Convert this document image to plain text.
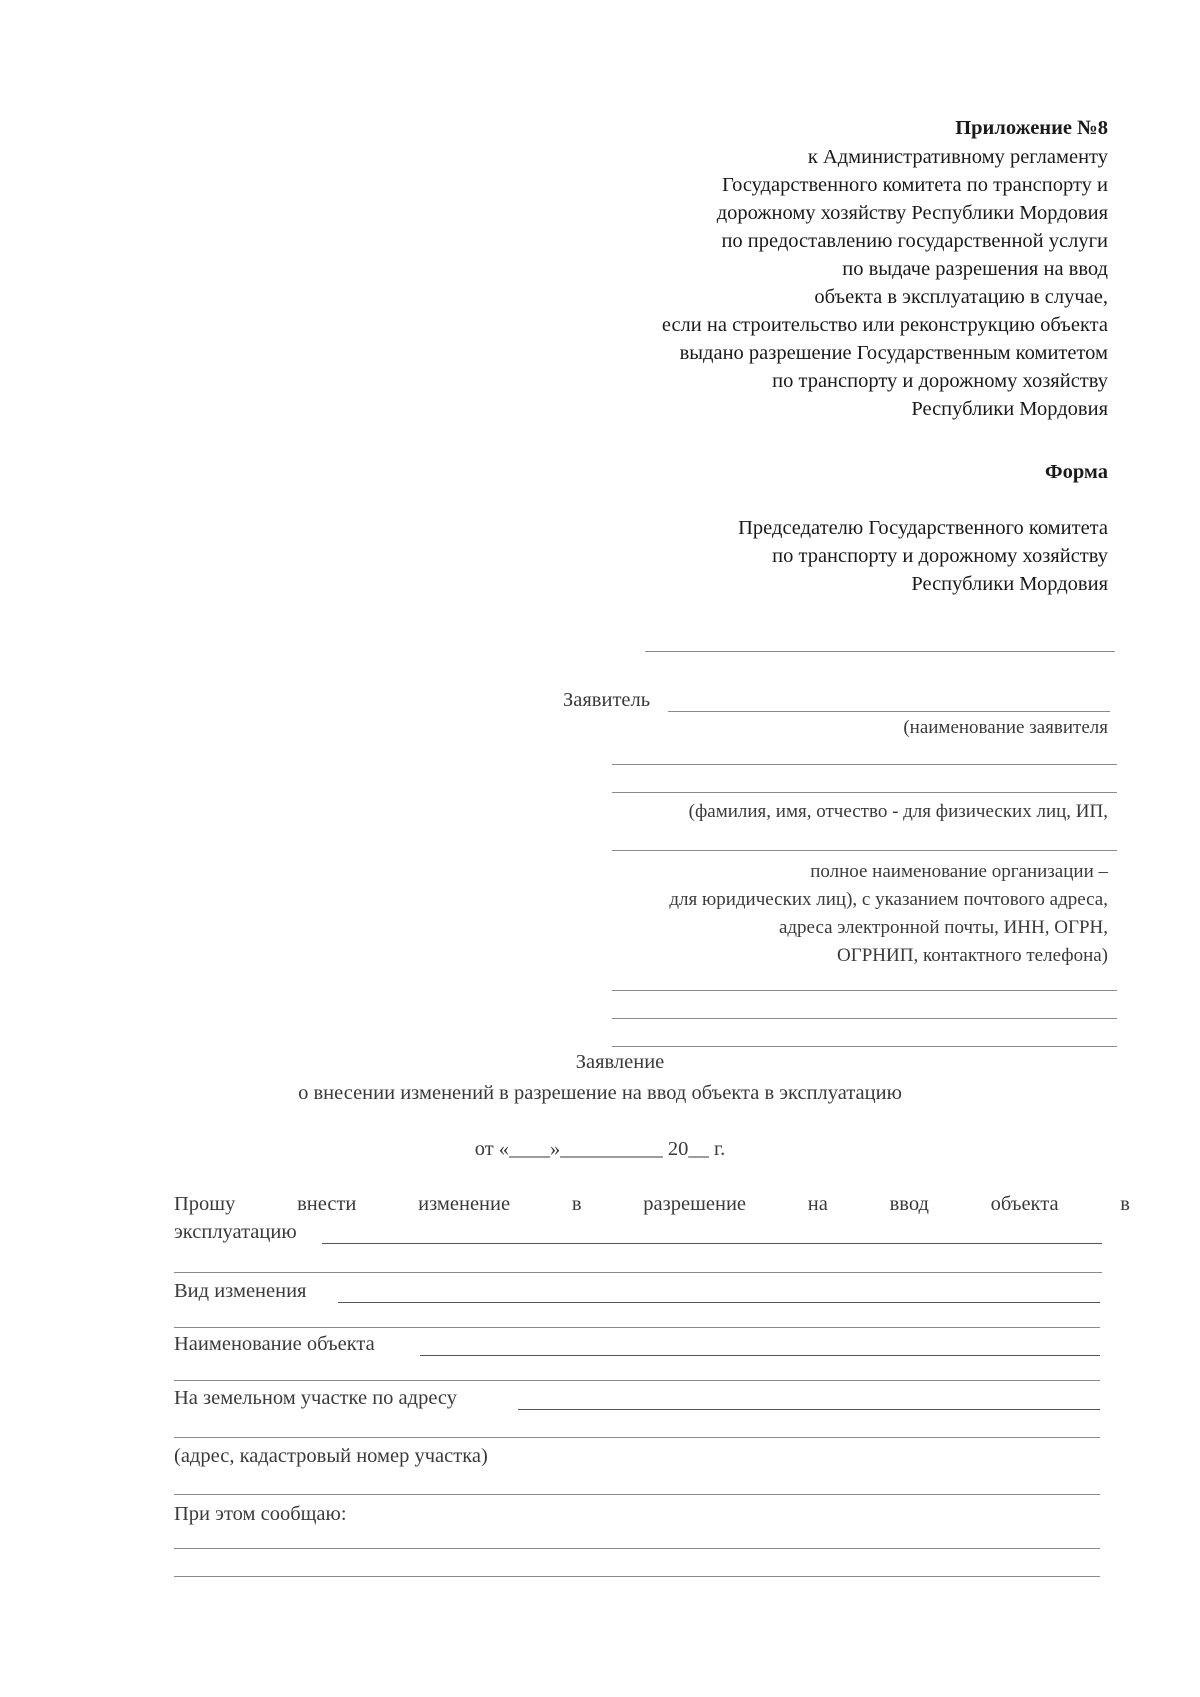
Приложение №8
к Административному регламенту
Государственного комитета по транспорту и
дорожному хозяйству Республики Мордовия
по предоставлению государственной услуги
по выдаче разрешения на ввод
объекта в эксплуатацию в случае,
если на строительство или реконструкцию объекта
выдано разрешение Государственным комитетом
по транспорту и дорожному хозяйству
Республики Мордовия
Форма
Председателю Государственного комитета
по транспорту и дорожному хозяйству
Республики Мордовия
Заявитель
(наименование заявителя
(фамилия, имя, отчество - для физических лиц, ИП,
полное наименование организации –
для юридических лиц), с указанием почтового адреса,
адреса электронной почты, ИНН, ОГРН,
ОГРНИП, контактного телефона)
Заявление
о внесении изменений в разрешение на ввод объекта в эксплуатацию
от «____»__________ 20__ г.
Прошу	внести	изменение	в	разрешение	на	ввод	объекта	в
эксплуатацию
Вид изменения
Наименование объекта
На земельном участке по адресу
(адрес, кадастровый номер участка)
При этом сообщаю:
